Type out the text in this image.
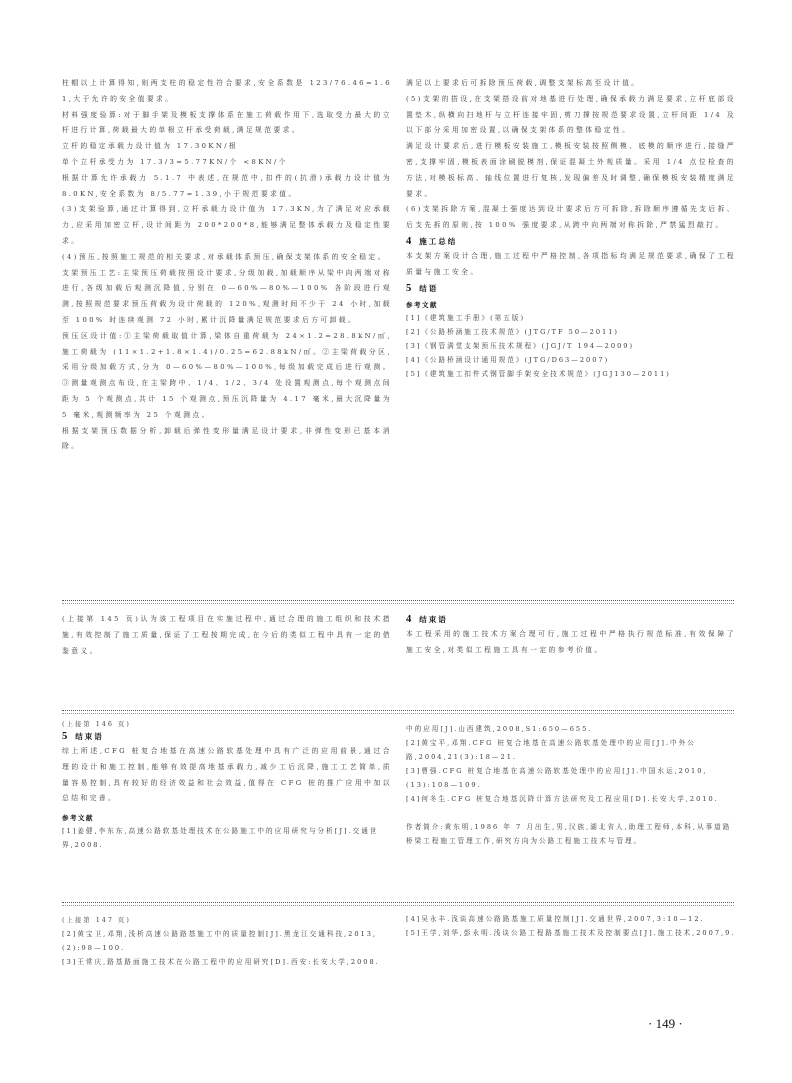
柱帽以上计算得知,则两支柱的稳定性符合要求,安全系数是 123/76.46=1.61,大于允许的安全值要求。

材料强度验算:对于脚手架及模板支撑体系在施工荷载作用下,选取受力最大的立杆进行计算,荷载最大的单根立杆承受荷载,满足规范要求。

立杆的稳定承载力设计值为 17.30KN/根

单个立杆承受力为 17.3/3=5.77KN/个 <8KN/个

根据计算允许承载力 5.1.7 中表述,在规范中,扣件的(抗滑)承载力设计值为 8.0KN,安全系数为 8/5.77=1.39,小于规范要求值。

(3)支架验算,通过计算得到,立杆承载力设计值为 17.3KN,为了满足对应承载力,应采用加密立杆,设计间距为 200*200*8,能够满足整体承载力及稳定性要求。

(4)预压,按照施工规范的相关要求,对承载体系预压,确保支架体系的安全稳定。

支架预压工艺:主梁预压荷载按照设计要求,分级加载,加载顺序从梁中向两端对称进行,各级加载后观测沉降值,分别在 0—60%—80%—100% 各阶段进行观测,按照规范要求预压荷载为设计荷载的 120%,观测时间不少于 24 小时,加载至 100% 时连续观测 72 小时,累计沉降量满足规范要求后方可卸载。

预压区设计值:①主梁荷载取值计算,梁体自重荷载为 24×1.2=28.8kN/㎡,施工荷载为 (11×1.2+1.8×1.4)/0.25=62.88kN/㎡。②主梁荷载分区,采用分级加载方式,分为 0—60%—80%—100%,每级加载完成后进行观测。③测量观测点布设,在主梁跨中、1/4、1/2、3/4 处设置观测点,每个观测点间距为 5 个观测点,共计 15 个观测点,预压沉降量为 4.17 毫米,最大沉降量为 5 毫米,观测频率为 25 个观测点。

根据支架预压数据分析,卸载后弹性变形量满足设计要求,非弹性变形已基本消除。

满足以上要求后可拆除预压荷载,调整支架标高至设计值。

(5)支架的搭设,在支架搭设前对地基进行处理,确保承载力满足要求,立杆底部设置垫木,纵横向扫地杆与立杆连接牢固,剪刀撑按规范要求设置,立杆间距 1/4 及以下部分采用加密设置,以确保支架体系的整体稳定性。

满足设计要求后,进行模板安装施工,模板安装按照侧模、底模的顺序进行,接缝严密,支撑牢固,模板表面涂刷脱模剂,保证混凝土外观质量。采用 1/4 点位检查的方法,对模板标高、轴线位置进行复核,发现偏差及时调整,确保模板安装精度满足要求。

(6)支架拆除方案,混凝土强度达到设计要求后方可拆除,拆除顺序遵循先支后拆、后支先拆的原则,按 100% 强度要求,从跨中向两端对称拆除,严禁猛烈敲打。

4 施工总结

本支架方案设计合理,施工过程中严格控制,各项指标均满足规范要求,确保了工程质量与施工安全。

5 结语
参考文献

[1]《建筑施工手册》(第五版)

[2]《公路桥涵施工技术规范》(JTG/TF 50—2011)

[3]《钢管满堂支架预压技术规程》(JGJ/T 194—2009)

[4]《公路桥涵设计通用规范》(JTG/D63—2007)

[5]《建筑施工扣件式钢管脚手架安全技术规范》(JGJ130—2011)

(上接第 145 页)认为该工程项目在实施过程中,通过合理的施工组织和技术措施,有效控制了施工质量,保证了工程按期完成,在今后的类似工程中具有一定的借鉴意义。

4 结束语

本工程采用的施工技术方案合理可行,施工过程中严格执行规范标准,有效保障了施工安全,对类似工程施工具有一定的参考价值。

(上接第 146 页)
5 结束语

综上所述,CFG 桩复合地基在高速公路软基处理中具有广泛的应用前景,通过合理的设计和施工控制,能够有效提高地基承载力,减少工后沉降,施工工艺简单,质量容易控制,具有较好的经济效益和社会效益,值得在 CFG 桩的推广应用中加以总结和完善。

参考文献

[1]姜健,李东东,高速公路软基处理技术在公路施工中的应用研究与分析[J].交通世界,2008.

中的应用[J].山西建筑,2008,S1:650—655.

[2]黄宝平,邓翔.CFG 桩复合地基在高速公路软基处理中的应用[J].中外公路,2004,21(3):18—21.

[3]曹强.CFG 桩复合地基在高速公路软基处理中的应用[J].中国水运,2010,(13):108—109.

[4]何冬生.CFG 桩复合地基沉降计算方法研究及工程应用[D].长安大学,2010.

作者简介:黄东明,1986 年 7 月出生,男,汉族,湖北省人,助理工程师,本科,从事道路桥梁工程施工管理工作,研究方向为公路工程施工技术与管理。

(上接第 147 页)

[2]黄宝卫,邓翔,浅析高速公路路基施工中的质量控制[J].黑龙江交通科技,2013,(2):98—100.

[3]王常庆,路基路面施工技术在公路工程中的应用研究[D].西安:长安大学,2008.

[4]吴永丰.浅谈高速公路路基施工质量控制[J].交通世界,2007,3:10—12.

[5]王学,刘华,彭永明.浅谈公路工程路基施工技术及控制要点[J].施工技术,2007,9.

· 149 ·
